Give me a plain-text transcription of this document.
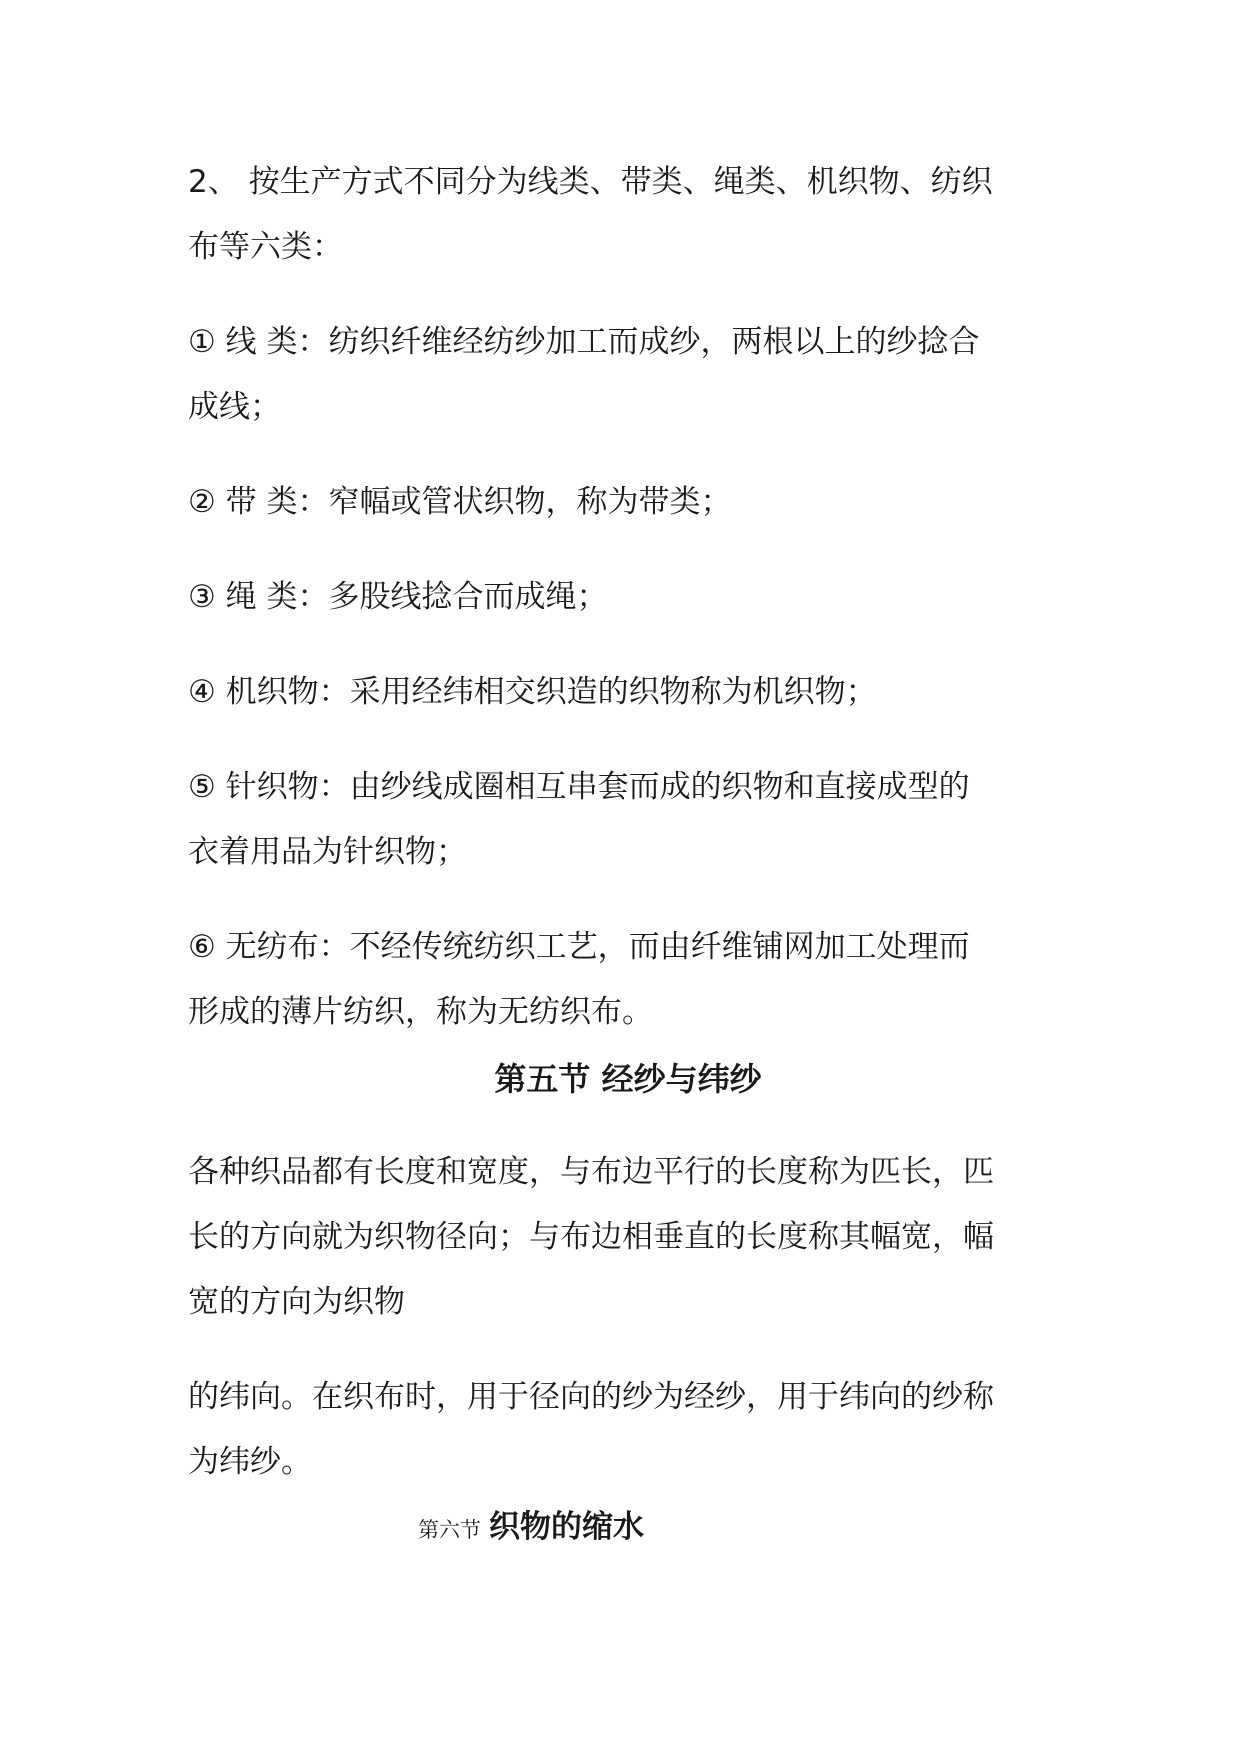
2、 按生产方式不同分为线类、带类、绳类、机织物、纺织
布等六类：
① 线 类：纺织纤维经纺纱加工而成纱，两根以上的纱捻合
成线；
② 带 类：窄幅或管状织物，称为带类；
③ 绳 类：多股线捻合而成绳；
④ 机织物：采用经纬相交织造的织物称为机织物；
⑤ 针织物：由纱线成圈相互串套而成的织物和直接成型的
衣着用品为针织物；
⑥ 无纺布：不经传统纺织工艺，而由纤维铺网加工处理而
形成的薄片纺织，称为无纺织布。
第五节 经纱与纬纱
各种织品都有长度和宽度，与布边平行的长度称为匹长，匹
长的方向就为织物径向；与布边相垂直的长度称其幅宽，幅
宽的方向为织物
的纬向。在织布时，用于径向的纱为经纱，用于纬向的纱称
为纬纱。
第六节 织物的缩水
